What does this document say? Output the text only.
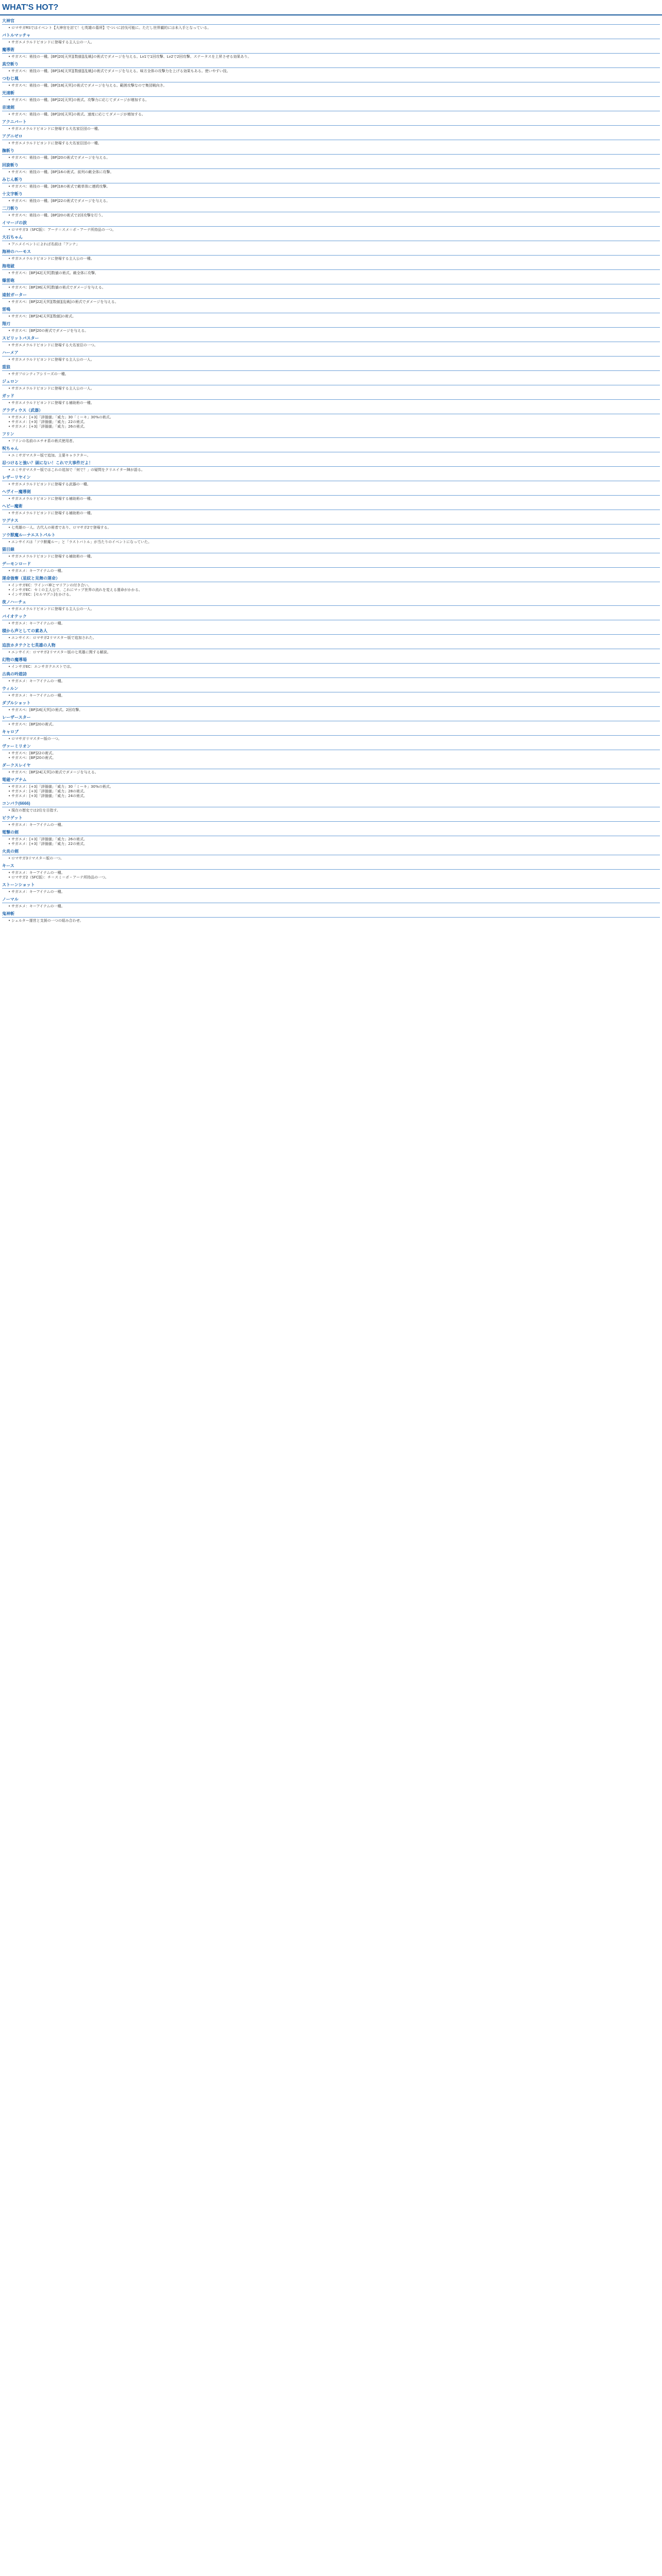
WHAT'S HOT?
大神官
• ロマサガRSではイベント【大神官を討て！七英雄の墓所】でついに討伐可能に。ただし世界観的には未入手となっている。
バトルマッチャ
• サガエメラルドビヨンドに登場する主人公の一人。
魔導術
• サガスペ：術技の一種。[BP]20[天冥][数値][乱戦]の術式でダメージを与える。Lv1で1回攻撃、Lv2で2回攻撃。ステータスを上昇させる効果あり。
真空斬り
• サガスペ：術技の一種。[BP]16[天冥][数値][乱戦]の術式でダメージを与える。味方全体の攻撃力を上げる効果もある。使いやすい技。
つむじ風
• サガスペ：術技の一種。[BP]18[天冥]の術式でダメージを与える。範囲攻撃なので集団戦向き。
光速斬
• サガスペ：術技の一種。[BP]22[天冥]の術式。攻撃力に応じてダメージが増加する。
音速剣
• サガスペ：術技の一種。[BP]20[天冥]の術式。速度に応じてダメージが増加する。
アクニバート
• サガエメラルドビヨンドに登場する大名家臣団の一種。
アグニゼロ
• サガエメラルドビヨンドに登場する大名家臣団の一種。
撫斬り
• サガスペ：術技の一種。[BP]20の術式でダメージを与える。
回旋斬り
• サガスペ：術技の一種。[BP]16の術式。前列の敵全体に攻撃。
みじん斬り
• サガスペ：術技の一種。[BP]18の術式で敵単体に連続攻撃。
十文字斬り
• サガスペ：術技の一種。[BP]22の術式でダメージを与える。
二刀斬り
• サガスペ：術技の一種。[BP]20の術式で2回攻撃を行う。
イマーゴの涙
• ロマサガ3（SFC版）：アーテ＝スメ＝ポ・アーテ所持品の一つ。
大石ちゃん
• アニメイベントによれば名前は「アンナ」
海神のハーモス
• サガエメラルドビヨンドに登場する主人公の一種。
海竜破
• サガスペ：[BP]42[天冥]数値の術式。敵全体に攻撃。
爆雷砲
• サガスペ：[BP]36[天冥]数値の術式でダメージを与える。
遠射ガーター
• サガスペ：[BP]22[天冥][数値][乱戦]の術式でダメージを与える。
雷鳴
• サガスペ：[BP]24[天冥][数値]の術式。
翔刃
• サガスペ：[BP]20の術式でダメージを与える。
スピリットバスター
• サガエメラルドビヨンドに登場する大名家臣の一つ。
ハーメア
• サガエメラルドビヨンドに登場する主人公の一人。
重狼
• サガフロンティアシリーズの一種。
ジュロン
• サガエメラルドビヨンドに登場する主人公の一人。
ガッド
• サガエメラルドビヨンドに登場する補助術の一種。
グラディウス（武器）
• サガエメ：[+3]「評価値」「威力」30「ミーキ」30%の術式。
• サガエメ：[+3]「評価値」「威力」22の術式。
• サガエメ：[+3]「評価値」「威力」26の術式。
フリン
• フリンの名前のエチオ系の術式使用者。
呪ちゃん
• エミサガマスター版で追加。主要キャラクター。
忍つけると強い？頭にない！これで大事件だよ！
• エミサガマスター版ではこれの追加で「何で？」の疑問をクリエイター陣が語る。
レザーリヤイン
• サガエメラルドビヨンドに登場する武器の一種。
ヘヴイー魔導剣
• サガエメラルドビヨンドに登場する補助術の一種。
ヘビー魔術
• サガエメラルドビヨンドに登場する補助術の一種。
ワグナス
• 七英雄の一人。古代人の術者であり、ロマサガ2で登場する。
ソウ獣魔ルーナエストパルト
• エンサイスは「ソウ獣魔ルー」と「ラストバトル」が当たりのイベントになっていた。
猫目線
• サガエメラルドビヨンドに登場する補助術の一種。
デーモンロード
• サガエメ：キーアイテムの一種。
運命強奪（星紋と見舞の運命）
• インサガEC：ワインバ神とマリアンの付き合い。
• インサガEC：セミの主人公で、これにマップ世界の流れを変える運命がかかる。
• インサガEC：[セルマグニ]をかける。
夜ノハーチェ
• サガエメラルドビヨンドに登場する主人公の一人。
バイオテック
• サガエメ：キーアイテムの一種。
積から声としての素あ人
• エンサイス：ロマサガ2リマスター版で追加された。
追放ホタテクと七英雄の人物
• エンサイス：ロマサガ2リマスター版の七英雄に関する解説。
幻物の魔導場
• インサガEC：エンサガクエストでは。
古典の吟遊詩
• サガエメ：キーアイテムの一種。
ウィルン
• サガエメ：キーアイテムの一種。
ダブルショット
• サガスペ：[BP]16[天冥]の術式。2回攻撃。
レーザースター
• サガスペ：[BP]20の術式。
キャロブ
• ロマサガリマスター版の一つ。
ヴァーミリオン
• サガスペ：[BP]22の術式。
• サガスペ：[BP]20の術式。
ダークスレイヤ
• サガスペ：[BP]24[天冥]の術式でダメージを与える。
電磁マグナム
• サガエメ：[+3]「評価値」「威力」30「ミーキ」30%の術式。
• サガエメ：[+3]「評価値」「威力」28の術式。
• サガエメ：[+3]「評価値」「威力」24の術式。
コンバラ(6666)
• 現在の歴史では2位を目指す。
ピラゲット
• サガエメ：キーアイテムの一種。
電撃の剣
• サガエメ：[+3]「評価値」「威力」26の術式。
• サガエメ：[+3]「評価値」「威力」22の術式。
火炎の剣
• ロマサガ3リマスター版の一つ。
キース
• サガエメ：キーアイテムの一種。
• ロマサガ2（SFC版）：チ＝スミ＝ポ・アーテ所持品の一つ。
ストーンショット
• サガエメ：キーアイテムの一種。
ノーマル
• サガエメ：キーアイテムの一種。
鬼神斬
• シェルター運営と支援の一つの組み合わせ。
